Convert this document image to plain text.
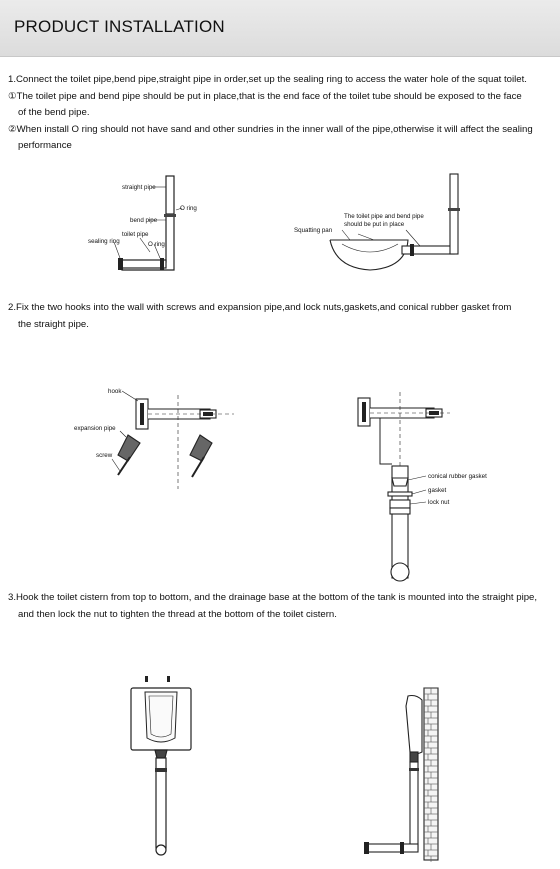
PRODUCT INSTALLATION

1.Connect the toilet pipe,bend pipe,straight pipe in order,set up the sealing ring to access the water hole of the squat toilet.

①The toilet pipe and bend pipe should be put in place,that is the end face of the toilet tube should be exposed to the face

of the bend pipe.

②When install O ring should not have sand and other sundries in the inner wall of the pipe,otherwise it will affect the sealing

performance

straight pipe
O ring
bend pipe
toilet pipe
sealing ring	O ring
The toilet pipe and bend pipe
should be put in place
Squatting pan

2.Fix the two hooks into the wall with screws and expansion pipe,and lock nuts,gaskets,and conical rubber gasket from

the straight pipe.

hook
expansion pipe
screw
conical rubber gasket
gasket
lock nut

3.Hook the toilet cistern from top to bottom, and the drainage base at the bottom of the tank is mounted into the straight pipe,

and then lock the nut to tighten the thread at the bottom of the toilet cistern.
